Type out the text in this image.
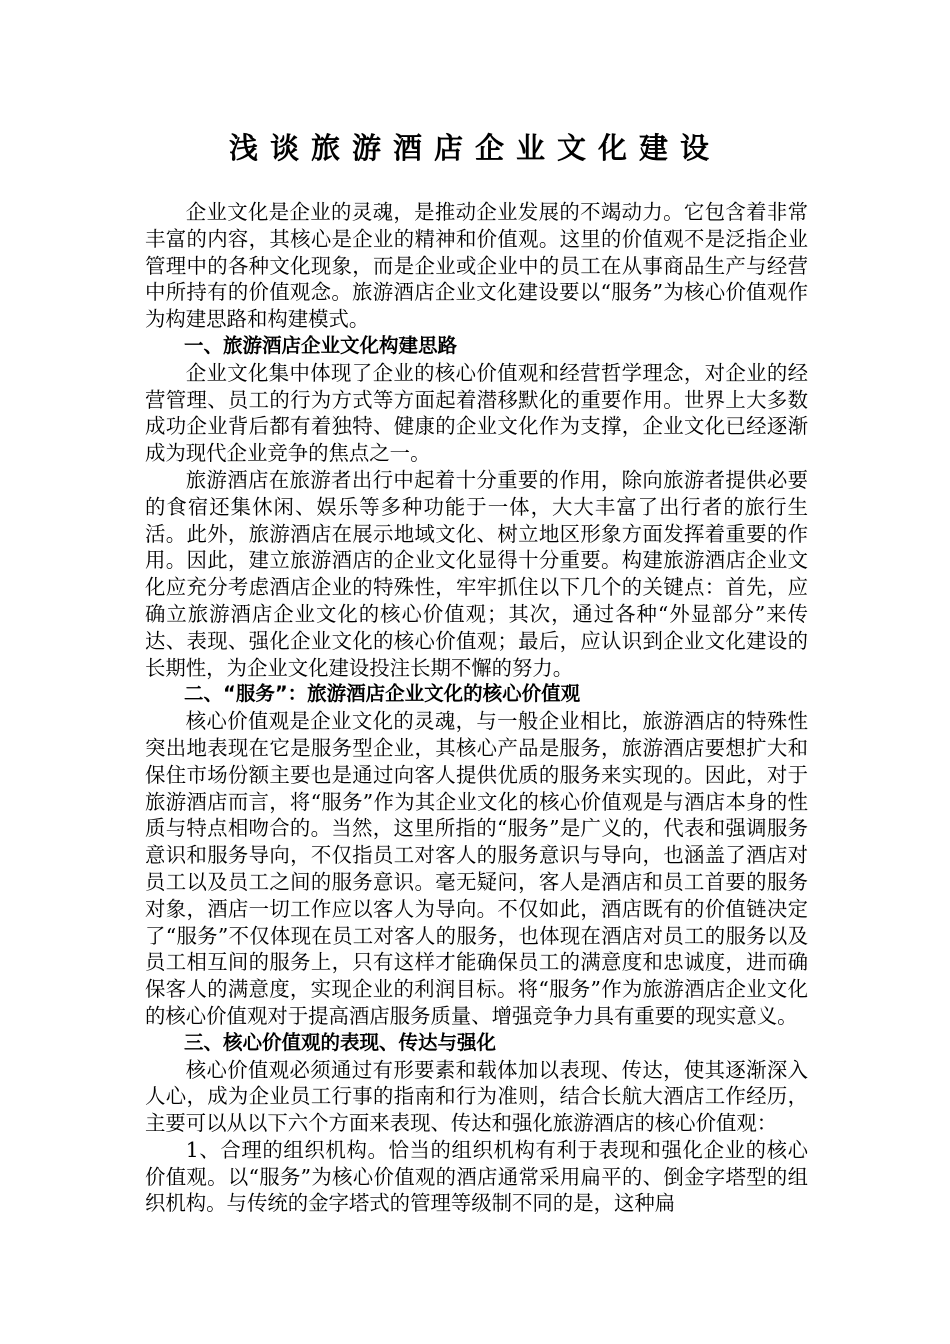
浅谈旅游酒店企业文化建设

企业文化是企业的灵魂，是推动企业发展的不竭动力。它包含着非常丰富的内容，其核心是企业的精神和价值观。这里的价值观不是泛指企业管理中的各种文化现象，而是企业或企业中的员工在从事商品生产与经营中所持有的价值观念。旅游酒店企业文化建设要以“服务”为核心价值观作为构建思路和构建模式。

一、旅游酒店企业文化构建思路

企业文化集中体现了企业的核心价值观和经营哲学理念，对企业的经营管理、员工的行为方式等方面起着潜移默化的重要作用。世界上大多数成功企业背后都有着独特、健康的企业文化作为支撑，企业文化已经逐渐成为现代企业竞争的焦点之一。

旅游酒店在旅游者出行中起着十分重要的作用，除向旅游者提供必要的食宿还集休闲、娱乐等多种功能于一体，大大丰富了出行者的旅行生活。此外，旅游酒店在展示地域文化、树立地区形象方面发挥着重要的作用。因此，建立旅游酒店的企业文化显得十分重要。构建旅游酒店企业文化应充分考虑酒店企业的特殊性，牢牢抓住以下几个的关键点：首先，应确立旅游酒店企业文化的核心价值观；其次，通过各种“外显部分”来传达、表现、强化企业文化的核心价值观；最后，应认识到企业文化建设的长期性，为企业文化建设投注长期不懈的努力。

二、“服务”：旅游酒店企业文化的核心价值观

核心价值观是企业文化的灵魂，与一般企业相比，旅游酒店的特殊性突出地表现在它是服务型企业，其核心产品是服务，旅游酒店要想扩大和保住市场份额主要也是通过向客人提供优质的服务来实现的。因此，对于旅游酒店而言，将“服务”作为其企业文化的核心价值观是与酒店本身的性质与特点相吻合的。当然，这里所指的“服务”是广义的，代表和强调服务意识和服务导向，不仅指员工对客人的服务意识与导向，也涵盖了酒店对员工以及员工之间的服务意识。毫无疑问，客人是酒店和员工首要的服务对象，酒店一切工作应以客人为导向。不仅如此，酒店既有的价值链决定了“服务”不仅体现在员工对客人的服务，也体现在酒店对员工的服务以及员工相互间的服务上，只有这样才能确保员工的满意度和忠诚度，进而确保客人的满意度，实现企业的利润目标。将“服务”作为旅游酒店企业文化的核心价值观对于提高酒店服务质量、增强竞争力具有重要的现实意义。

三、核心价值观的表现、传达与强化

核心价值观必须通过有形要素和载体加以表现、传达，使其逐渐深入人心，成为企业员工行事的指南和行为准则，结合长航大酒店工作经历，主要可以从以下六个方面来表现、传达和强化旅游酒店的核心价值观：

1、合理的组织机构。恰当的组织机构有利于表现和强化企业的核心价值观。以“服务”为核心价值观的酒店通常采用扁平的、倒金字塔型的组织机构。与传统的金字塔式的管理等级制不同的是，这种扁
